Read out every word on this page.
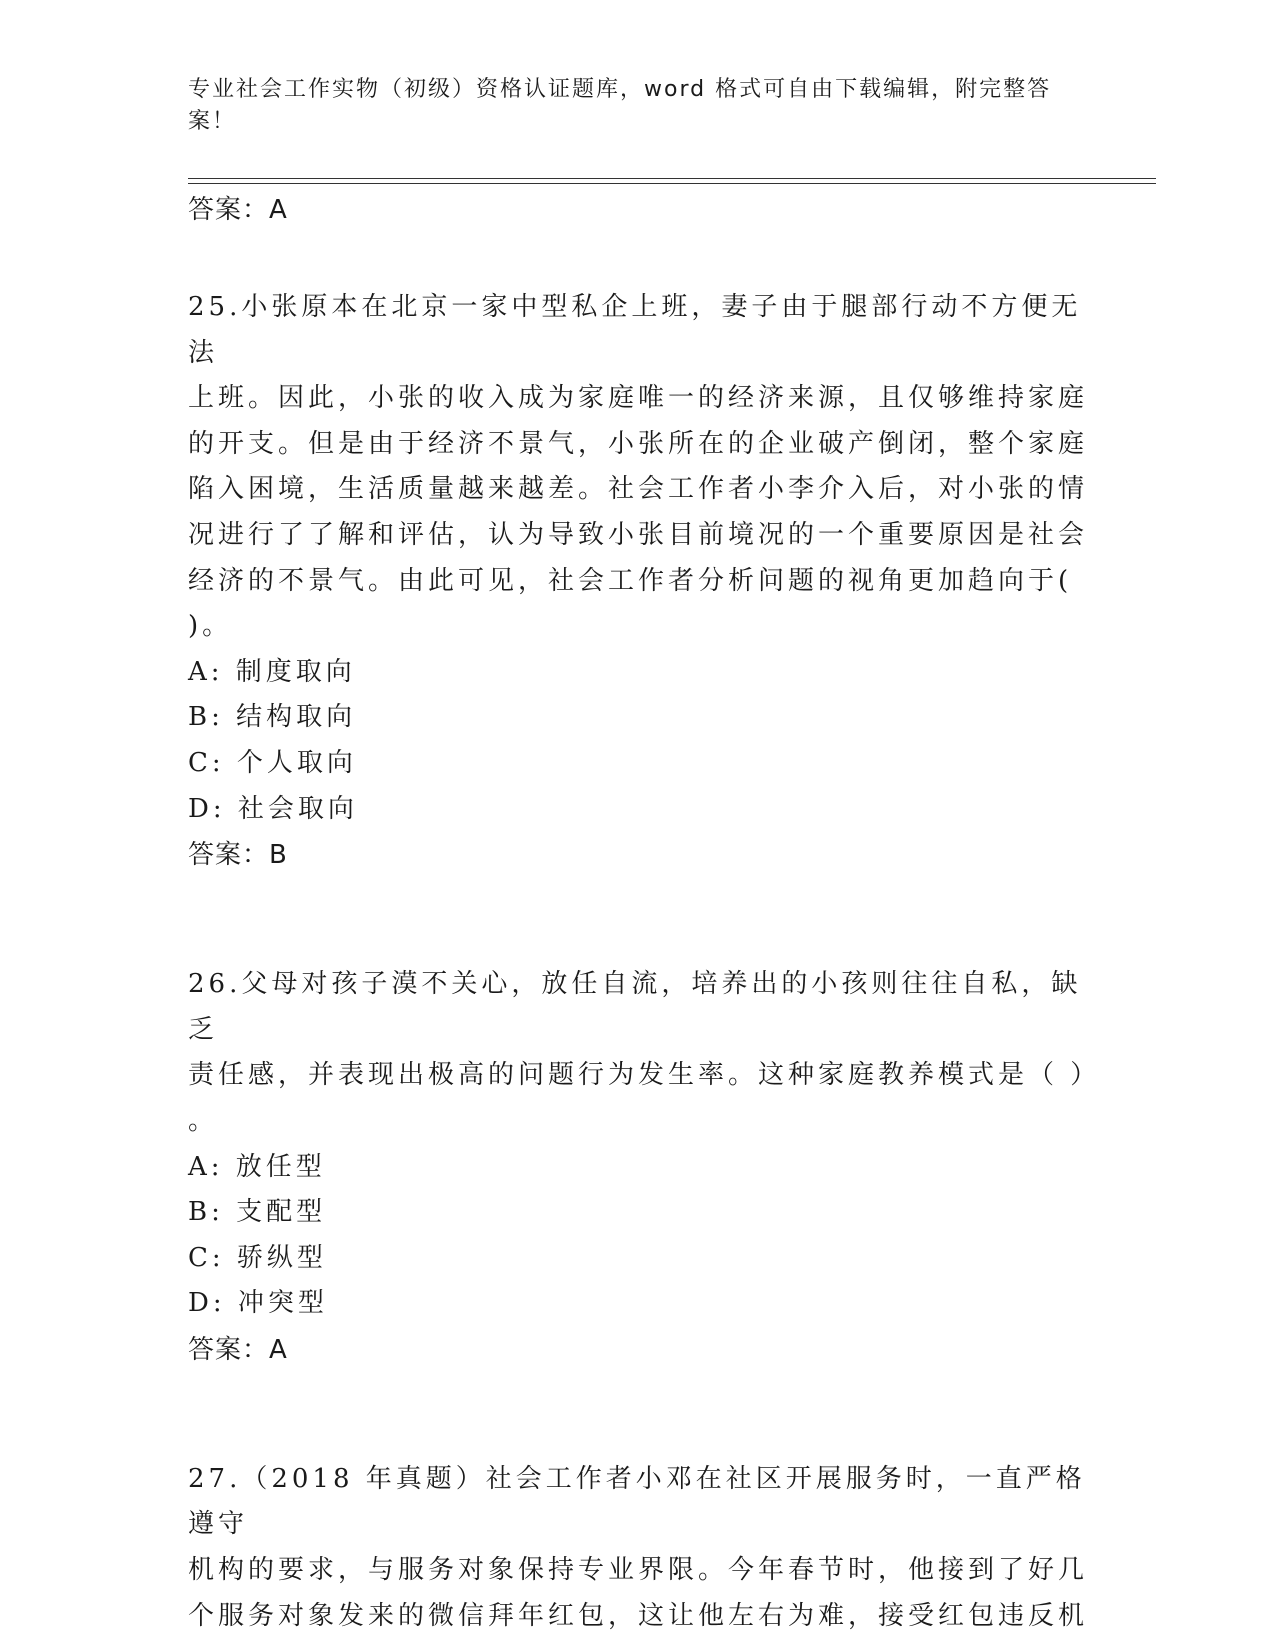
专业社会工作实物（初级）资格认证题库，word 格式可自由下载编辑，附完整答
案！

答案：A

25.小张原本在北京一家中型私企上班，妻子由于腿部行动不方便无法

上班。因此，小张的收入成为家庭唯一的经济来源，且仅够维持家庭

的开支。但是由于经济不景气，小张所在的企业破产倒闭，整个家庭

陷入困境，生活质量越来越差。社会工作者小李介入后，对小张的情

况进行了了解和评估，认为导致小张目前境况的一个重要原因是社会

经济的不景气。由此可见，社会工作者分析问题的视角更加趋向于(

)。

A: 制度取向

B: 结构取向

C: 个人取向

D: 社会取向

答案：B

26.父母对孩子漠不关心，放任自流，培养出的小孩则往往自私，缺乏

责任感，并表现出极高的问题行为发生率。这种家庭教养模式是（ ）

。

A: 放任型

B: 支配型

C: 骄纵型

D: 冲突型

答案：A

27.（2018 年真题）社会工作者小邓在社区开展服务时，一直严格遵守

机构的要求，与服务对象保持专业界限。今年春节时，他接到了好几

个服务对象发来的微信拜年红包，这让他左右为难，接受红包违反机
